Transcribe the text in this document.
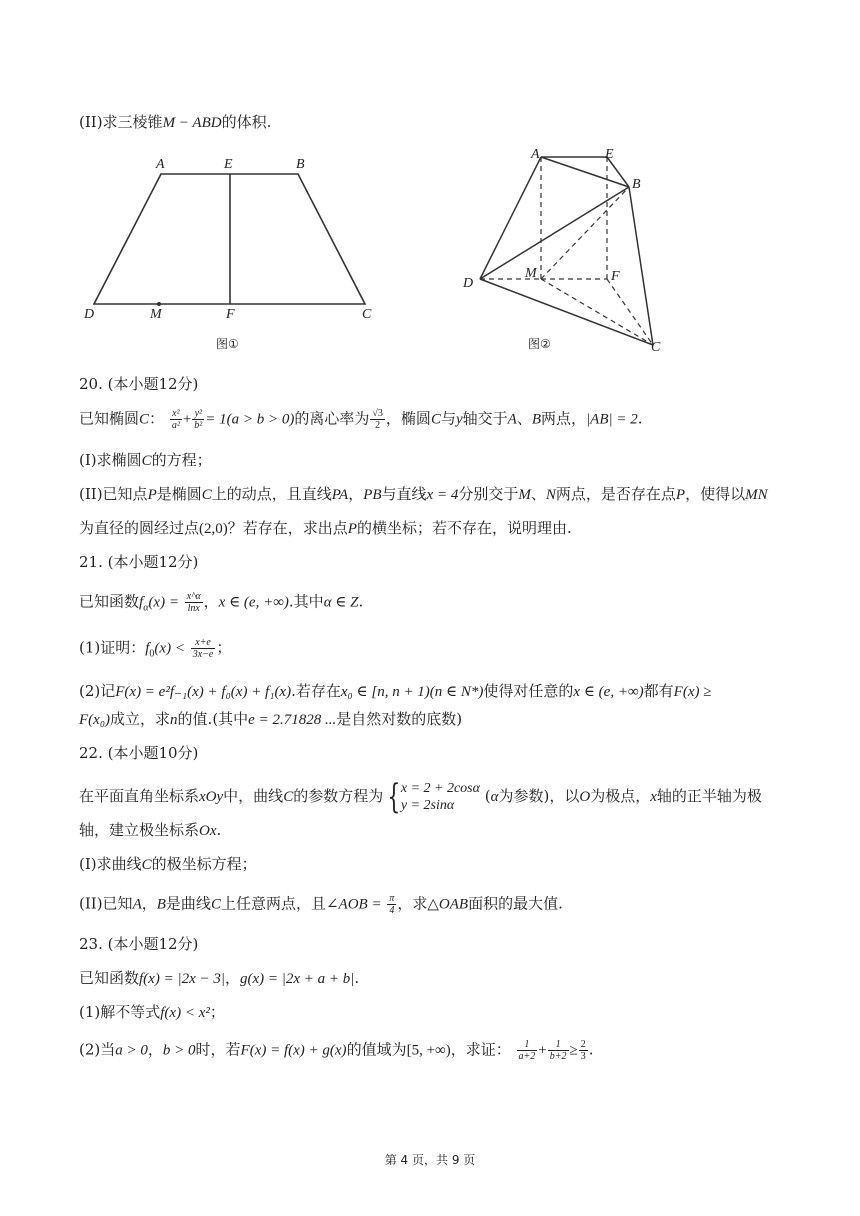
(II)求三棱锥M − ABD的体积.
A	E	B
D	M	F	C
图①
A	E
B
D
M	F
C
图②
20. (本小题12分)
已知椭圆C： $\frac{\text{x²}}{\text{a²}} + \frac{\text{y²}}{\text{b²}} = 1(a > b > 0)$的离心率为 $\frac{√3}{2}$ ，椭圆C与y轴交于A、B两点，|AB| = 2.
(I)求椭圆C的方程；
(II)已知点P是椭圆C上的动点，且直线PA，PB与直线x = 4分别交于M、N两点，是否存在点P，使得以MN
为直径的圆经过点(2,0)？若存在，求出点P的横坐标；若不存在，说明理由.
21. (本小题12分)
已知函数$f_\alpha(x) = \frac{x\^{}\alpha}{\ln x}$ ，x ∈ (e, +∞).其中α ∈ Z.
(1)证明：$f_0(x) < \frac{x+e}{3x-e}$ ；
(2)记F(x) = e²f₋₁(x) + f₀(x) + f₁(x).若存在x₀ ∈ [n, n + 1)(n ∈ N*)使得对任意的x ∈ (e, +∞)都有F(x) ≥
F(x₀)成立，求n的值.(其中e = 2.71828 ...是自然对数的底数)
22. (本小题10分)
在平面直角坐标系xOy中，曲线C的参数方程为 { x = 2 + 2cosα
y = 2sinα
(α为参数)，以O为极点，x轴的正半轴为极
轴，建立极坐标系Ox.
(I)求曲线C的极坐标方程；
(II)已知A，B是曲线C上任意两点，且∠AOB = $\frac{\pi}{4}$ ，求△OAB面积的最大值.
23. (本小题12分)
已知函数f(x) = |2x − 3|，g(x) = |2x + a + b|.
(1)解不等式f(x) < x²；
(2)当a > 0，b > 0时，若F(x) = f(x) + g(x)的值域为[5, +∞)，求证： $\frac{1}{a+2} + \frac{1}{b+2} \ge \frac{2}{3}$ .
第 4 页，共 9 页
